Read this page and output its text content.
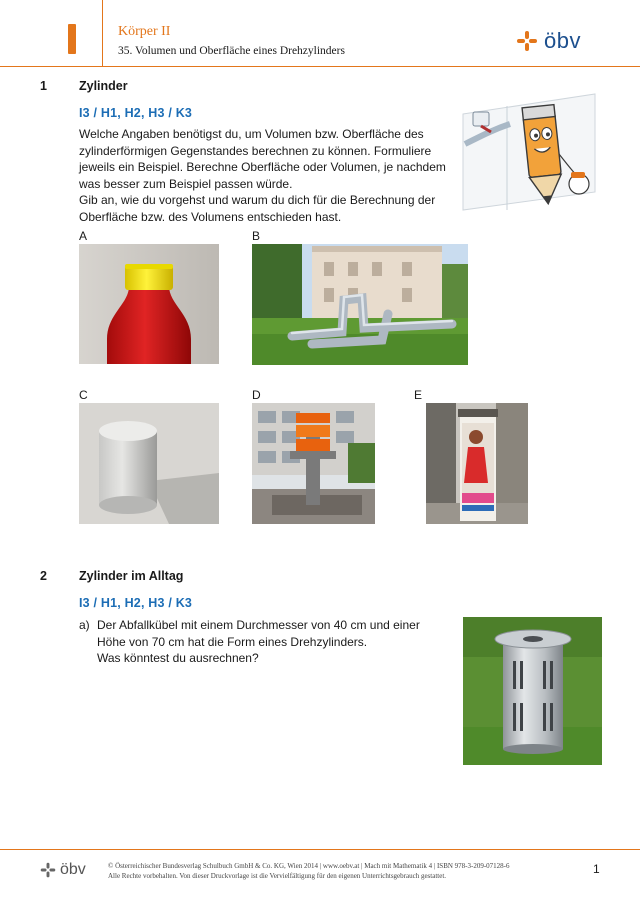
Körper II
35. Volumen und Oberfläche eines Drehzylinders	öbv
1	Zylinder
I3 / H1, H2, H3 / K3
Welche Angaben benötigst du, um Volumen bzw. Oberfläche des
zylinderförmigen Gegenstandes berechnen zu können. Formuliere
jeweils ein Beispiel. Berechne Oberfläche oder Volumen, je nachdem
was besser zum Beispiel passen würde.
Gib an, wie du vorgehst und warum du dich für die Berechnung der
Oberfläche bzw. des Volumens entschieden hast.
A	B
C	D	E
2	Zylinder im Alltag
I3 / H1, H2, H3 / K3
a) Der Abfallkübel mit einem Durchmesser von 40 cm und einer
Höhe von 70 cm hat die Form eines Drehzylinders.
Was könntest du ausrechnen?
öbv	© Österreichischer Bundesverlag Schulbuch GmbH & Co. KG, Wien 2014 | www.oebv.at | Mach mit Mathematik 4 | ISBN 978-3-209-07128-6
Alle Rechte vorbehalten. Von dieser Druckvorlage ist die Vervielfältigung für den eigenen Unterrichtsgebrauch gestattet.	1
